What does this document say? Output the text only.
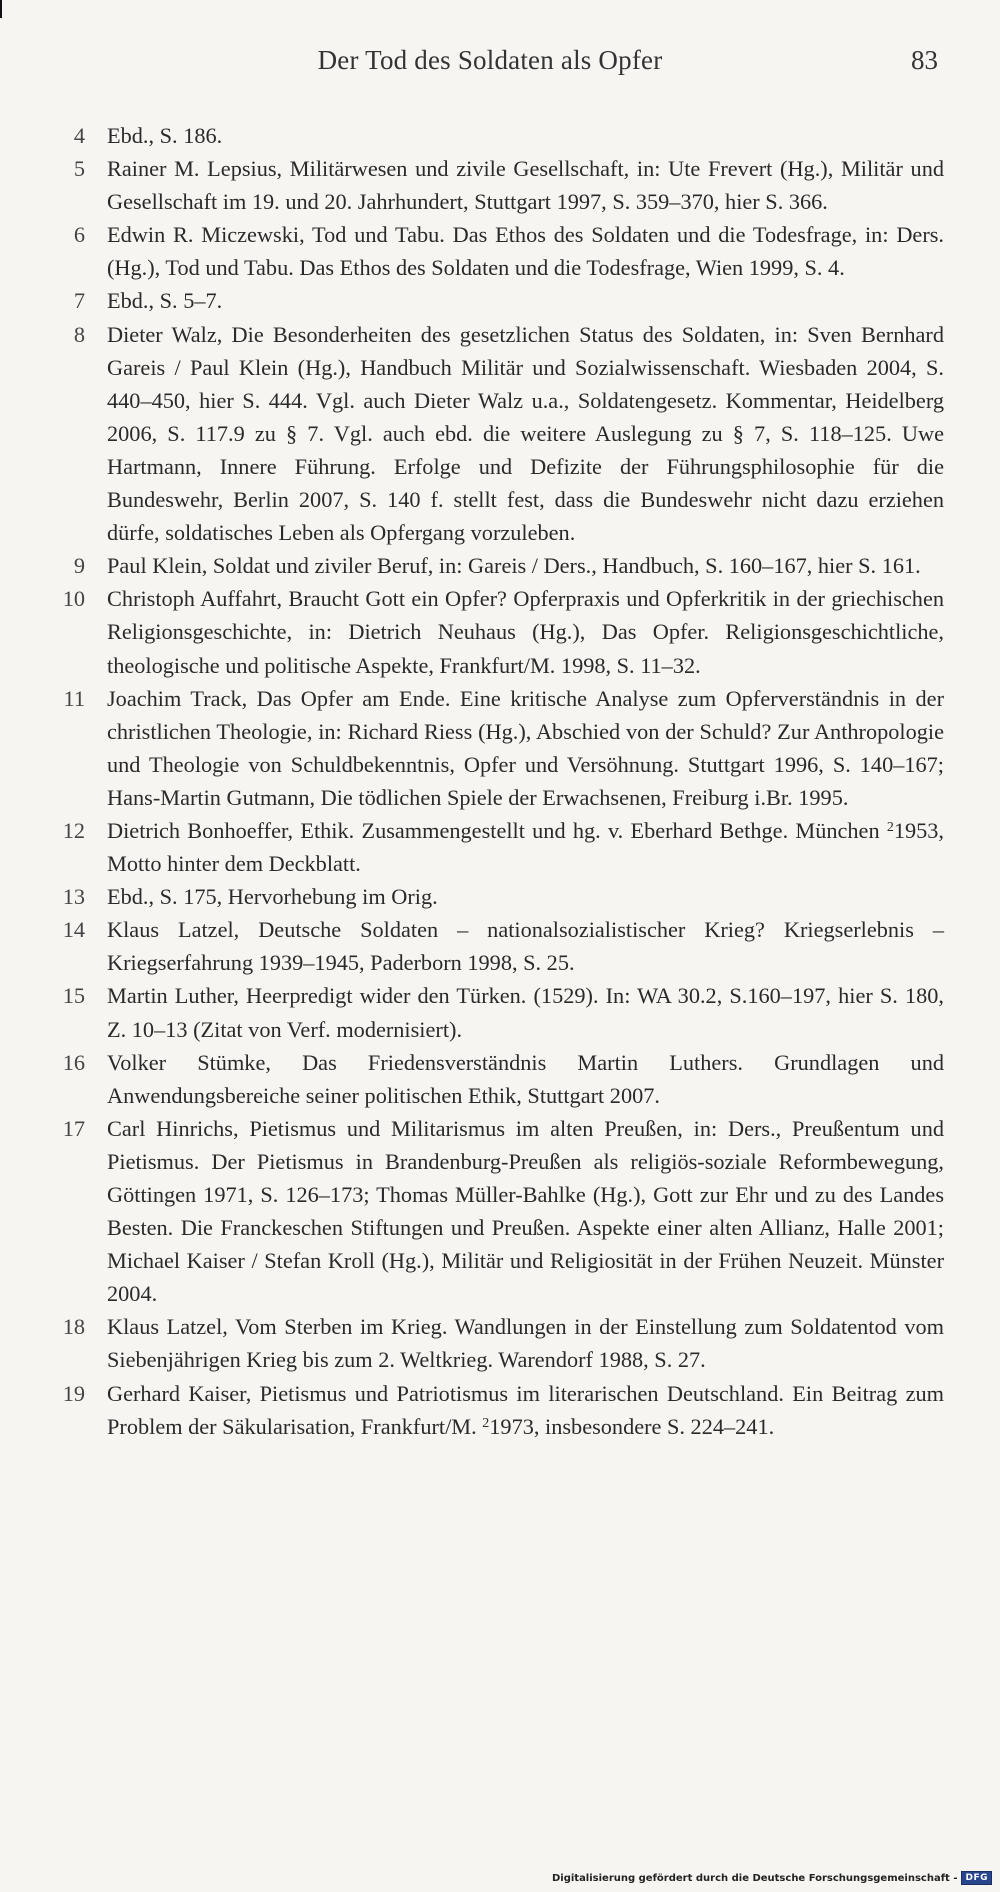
Der Tod des Soldaten als Opfer	83
4 Ebd., S. 186.
5 Rainer M. Lepsius, Militärwesen und zivile Gesellschaft, in: Ute Frevert (Hg.), Militär und Gesellschaft im 19. und 20. Jahrhundert, Stuttgart 1997, S. 359–370, hier S. 366.
6 Edwin R. Miczewski, Tod und Tabu. Das Ethos des Soldaten und die Todesfrage, in: Ders. (Hg.), Tod und Tabu. Das Ethos des Soldaten und die Todesfrage, Wien 1999, S. 4.
7 Ebd., S. 5–7.
8 Dieter Walz, Die Besonderheiten des gesetzlichen Status des Soldaten, in: Sven Bernhard Gareis / Paul Klein (Hg.), Handbuch Militär und Sozialwissenschaft. Wiesbaden 2004, S. 440–450, hier S. 444. Vgl. auch Dieter Walz u.a., Soldatengesetz. Kommentar, Heidelberg 2006, S. 117.9 zu § 7. Vgl. auch ebd. die weitere Auslegung zu § 7, S. 118–125. Uwe Hartmann, Innere Führung. Erfolge und Defizite der Führungsphilosophie für die Bundeswehr, Berlin 2007, S. 140 f. stellt fest, dass die Bundeswehr nicht dazu erziehen dürfe, soldatisches Leben als Opfergang vorzuleben.
9 Paul Klein, Soldat und ziviler Beruf, in: Gareis / Ders., Handbuch, S. 160–167, hier S. 161.
10 Christoph Auffahrt, Braucht Gott ein Opfer? Opferpraxis und Opferkritik in der griechischen Religionsgeschichte, in: Dietrich Neuhaus (Hg.), Das Opfer. Religionsgeschichtliche, theologische und politische Aspekte, Frankfurt/M. 1998, S. 11–32.
11 Joachim Track, Das Opfer am Ende. Eine kritische Analyse zum Opferverständnis in der christlichen Theologie, in: Richard Riess (Hg.), Abschied von der Schuld? Zur Anthropologie und Theologie von Schuldbekenntnis, Opfer und Versöhnung. Stuttgart 1996, S. 140–167; Hans-Martin Gutmann, Die tödlichen Spiele der Erwachsenen, Freiburg i.Br. 1995.
12 Dietrich Bonhoeffer, Ethik. Zusammengestellt und hg. v. Eberhard Bethge. München $^2$1953, Motto hinter dem Deckblatt.
13 Ebd., S. 175, Hervorhebung im Orig.
14 Klaus Latzel, Deutsche Soldaten – nationalsozialistischer Krieg? Kriegserlebnis – Kriegserfahrung 1939–1945, Paderborn 1998, S. 25.
15 Martin Luther, Heerpredigt wider den Türken. (1529). In: WA 30.2, S.160–197, hier S. 180, Z. 10–13 (Zitat von Verf. modernisiert).
16 Volker Stümke, Das Friedensverständnis Martin Luthers. Grundlagen und Anwendungsbereiche seiner politischen Ethik, Stuttgart 2007.
17 Carl Hinrichs, Pietismus und Militarismus im alten Preußen, in: Ders., Preußentum und Pietismus. Der Pietismus in Brandenburg-Preußen als religiös-soziale Reformbewegung, Göttingen 1971, S. 126–173; Thomas Müller-Bahlke (Hg.), Gott zur Ehr und zu des Landes Besten. Die Franckeschen Stiftungen und Preußen. Aspekte einer alten Allianz, Halle 2001; Michael Kaiser / Stefan Kroll (Hg.), Militär und Religiosität in der Frühen Neuzeit. Münster 2004.
18 Klaus Latzel, Vom Sterben im Krieg. Wandlungen in der Einstellung zum Soldatentod vom Siebenjährigen Krieg bis zum 2. Weltkrieg. Warendorf 1988, S. 27.
19 Gerhard Kaiser, Pietismus und Patriotismus im literarischen Deutschland. Ein Beitrag zum Problem der Säkularisation, Frankfurt/M. $^2$1973, insbesondere S. 224–241.
Digitalisierung gefördert durch die Deutsche Forschungsgemeinschaft - DFG
